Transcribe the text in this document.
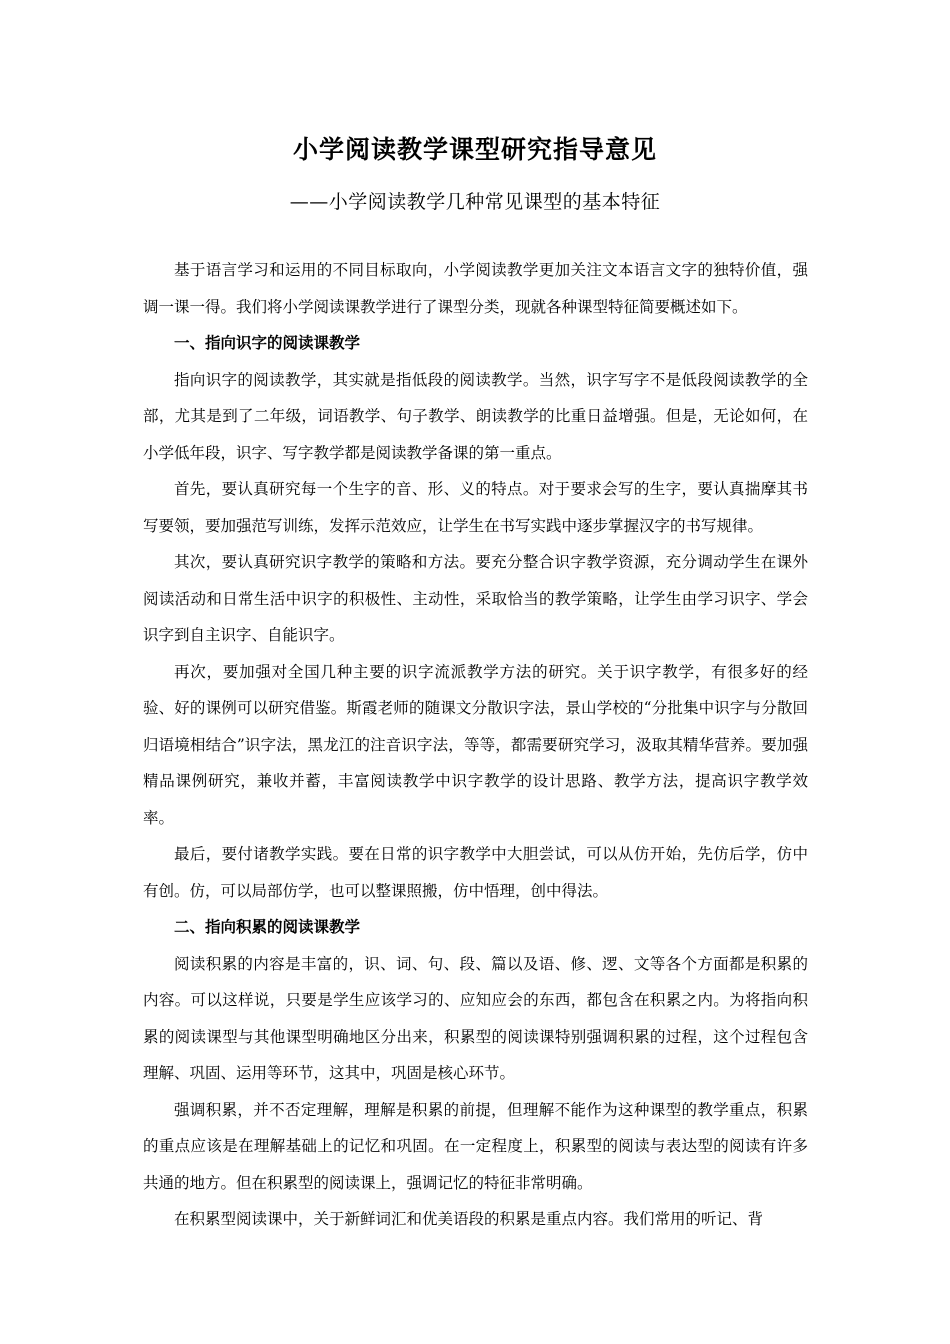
小学阅读教学课型研究指导意见
——小学阅读教学几种常见课型的基本特征

基于语言学习和运用的不同目标取向，小学阅读教学更加关注文本语言文字的独特价值，强调一课一得。我们将小学阅读课教学进行了课型分类，现就各种课型特征简要概述如下。

一、指向识字的阅读课教学

指向识字的阅读教学，其实就是指低段的阅读教学。当然，识字写字不是低段阅读教学的全部，尤其是到了二年级，词语教学、句子教学、朗读教学的比重日益增强。但是，无论如何，在小学低年段，识字、写字教学都是阅读教学备课的第一重点。

首先，要认真研究每一个生字的音、形、义的特点。对于要求会写的生字，要认真揣摩其书写要领，要加强范写训练，发挥示范效应，让学生在书写实践中逐步掌握汉字的书写规律。

其次，要认真研究识字教学的策略和方法。要充分整合识字教学资源，充分调动学生在课外阅读活动和日常生活中识字的积极性、主动性，采取恰当的教学策略，让学生由学习识字、学会识字到自主识字、自能识字。

再次，要加强对全国几种主要的识字流派教学方法的研究。关于识字教学，有很多好的经验、好的课例可以研究借鉴。斯霞老师的随课文分散识字法，景山学校的“分批集中识字与分散回归语境相结合”识字法，黑龙江的注音识字法，等等，都需要研究学习，汲取其精华营养。要加强精品课例研究，兼收并蓄，丰富阅读教学中识字教学的设计思路、教学方法，提高识字教学效率。

最后，要付诸教学实践。要在日常的识字教学中大胆尝试，可以从仿开始，先仿后学，仿中有创。仿，可以局部仿学，也可以整课照搬，仿中悟理，创中得法。

二、指向积累的阅读课教学

阅读积累的内容是丰富的，识、词、句、段、篇以及语、修、逻、文等各个方面都是积累的内容。可以这样说，只要是学生应该学习的、应知应会的东西，都包含在积累之内。为将指向积累的阅读课型与其他课型明确地区分出来，积累型的阅读课特别强调积累的过程，这个过程包含理解、巩固、运用等环节，这其中，巩固是核心环节。

强调积累，并不否定理解，理解是积累的前提，但理解不能作为这种课型的教学重点，积累的重点应该是在理解基础上的记忆和巩固。在一定程度上，积累型的阅读与表达型的阅读有许多共通的地方。但在积累型的阅读课上，强调记忆的特征非常明确。

在积累型阅读课中，关于新鲜词汇和优美语段的积累是重点内容。我们常用的听记、背
